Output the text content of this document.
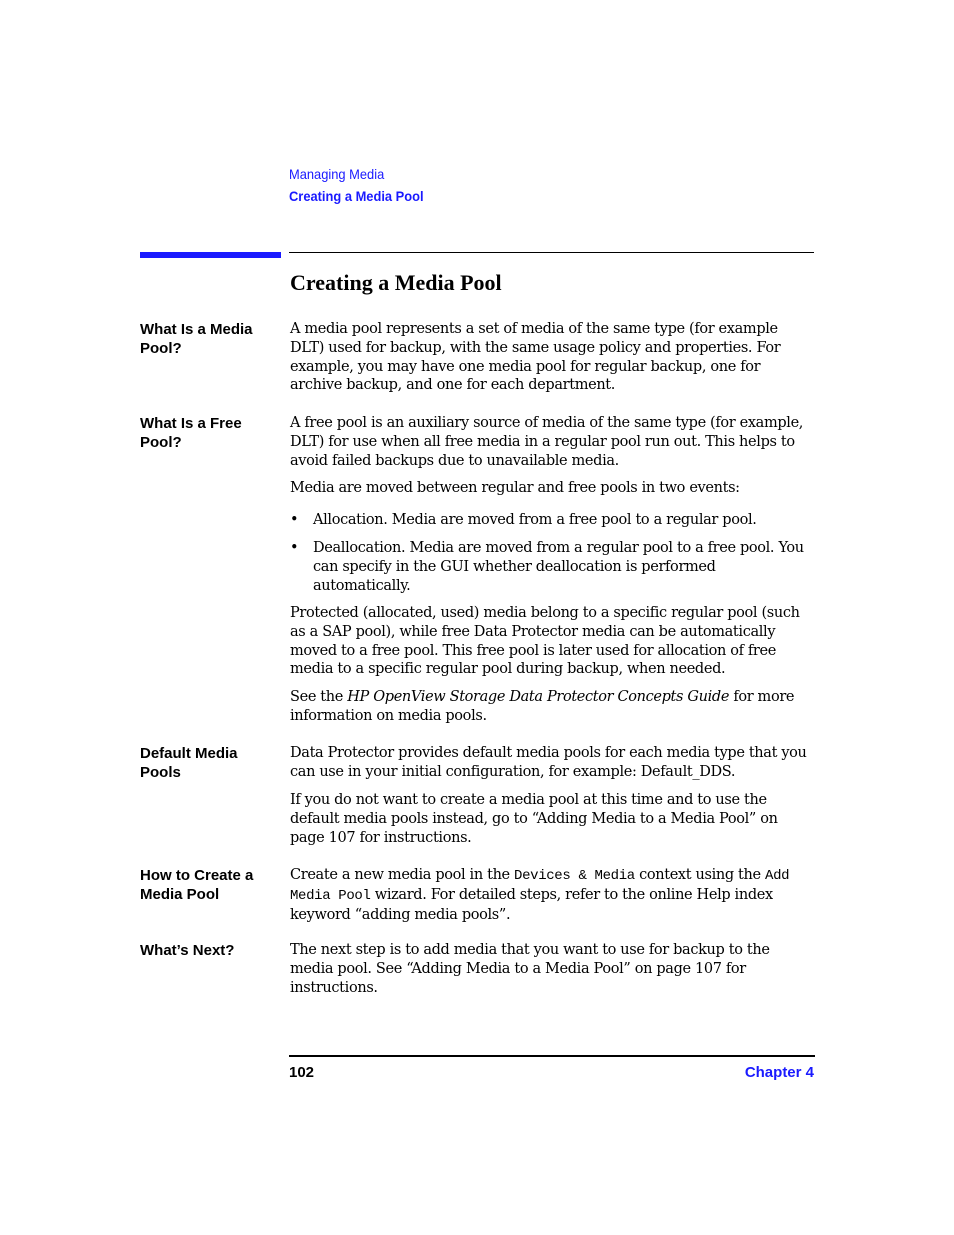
Managing Media
Creating a Media Pool
Creating a Media Pool
What Is a Media
Pool?

A media pool represents a set of media of the same type (for example DLT) used for backup, with the same usage policy and properties. For example, you may have one media pool for regular backup, one for archive backup, and one for each department.

What Is a Free
Pool?

A free pool is an auxiliary source of media of the same type (for example, DLT) for use when all free media in a regular pool run out. This helps to avoid failed backups due to unavailable media.

Media are moved between regular and free pools in two events:

• Allocation. Media are moved from a free pool to a regular pool.
• Deallocation. Media are moved from a regular pool to a free pool. You can specify in the GUI whether deallocation is performed automatically.

Protected (allocated, used) media belong to a specific regular pool (such as a SAP pool), while free Data Protector media can be automatically moved to a free pool. This free pool is later used for allocation of free media to a specific regular pool during backup, when needed.

See the HP OpenView Storage Data Protector Concepts Guide for more information on media pools.

Default Media
Pools

Data Protector provides default media pools for each media type that you can use in your initial configuration, for example: Default_DDS.

If you do not want to create a media pool at this time and to use the default media pools instead, go to “Adding Media to a Media Pool” on page 107 for instructions.

How to Create a
Media Pool

Create a new media pool in the Devices & Media context using the Add Media Pool wizard. For detailed steps, refer to the online Help index keyword “adding media pools”.

What’s Next?	The next step is to add media that you want to use for backup to the media pool. See “Adding Media to a Media Pool” on page 107 for instructions.

102	Chapter 4
